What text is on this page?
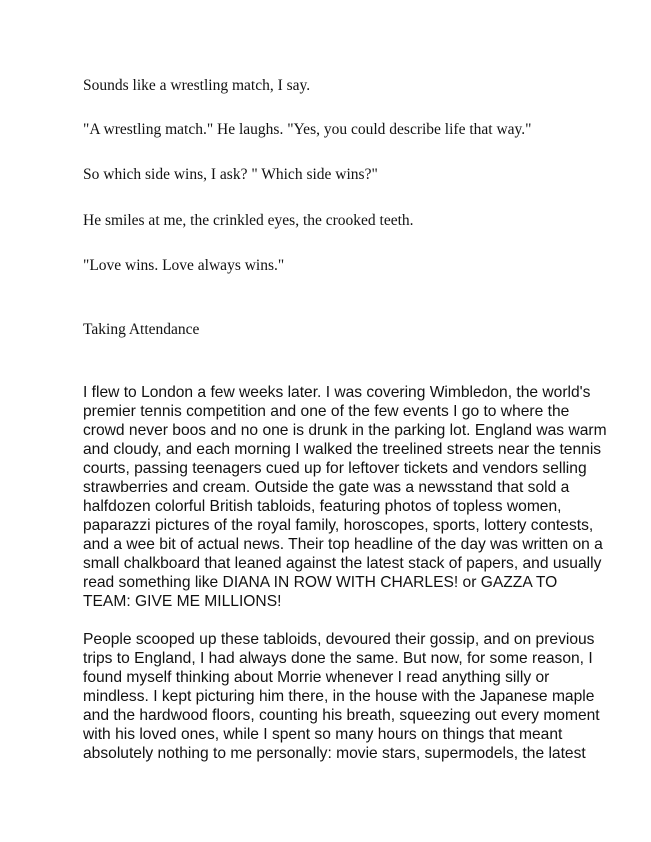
Sounds like a wrestling match, I say.

"A wrestling match." He laughs. "Yes, you could describe life that way."

So which side wins, I ask? " Which side wins?"

He smiles at me, the crinkled eyes, the crooked teeth.

"Love wins. Love always wins."

Taking Attendance

I flew to London a few weeks later. I was covering Wimbledon, the world's
premier tennis competition and one of the few events I go to where the
crowd never boos and no one is drunk in the parking lot. England was warm
and cloudy, and each morning I walked the treelined streets near the tennis
courts, passing teenagers cued up for leftover tickets and vendors selling
strawberries and cream. Outside the gate was a newsstand that sold a
halfdozen colorful British tabloids, featuring photos of topless women,
paparazzi pictures of the royal family, horoscopes, sports, lottery contests,
and a wee bit of actual news. Their top headline of the day was written on a
small chalkboard that leaned against the latest stack of papers, and usually
read something like DIANA IN ROW WITH CHARLES! or GAZZA TO
TEAM: GIVE ME MILLIONS!
People scooped up these tabloids, devoured their gossip, and on previous
trips to England, I had always done the same. But now, for some reason, I
found myself thinking about Morrie whenever I read anything silly or
mindless. I kept picturing him there, in the house with the Japanese maple
and the hardwood floors, counting his breath, squeezing out every moment
with his loved ones, while I spent so many hours on things that meant
absolutely nothing to me personally: movie stars, supermodels, the latest
